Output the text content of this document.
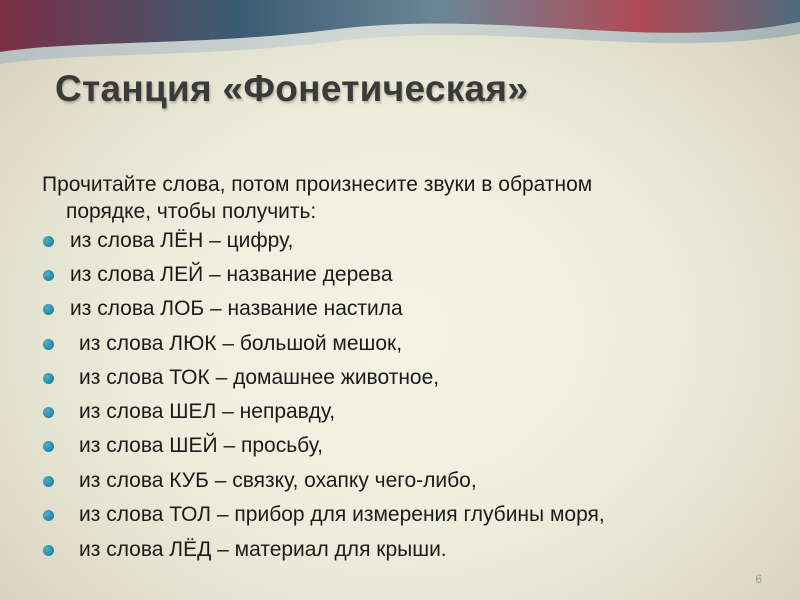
Станция «Фонетическая»
Прочитайте слова, потом произнесите звуки в обратном
порядке, чтобы получить:
из слова ЛЁН – цифру,
из слова ЛЕЙ – название дерева
из слова ЛОБ – название настила
из слова ЛЮК – большой мешок,
из слова ТОК – домашнее животное,
из слова ШЕЛ – неправду,
из слова ШЕЙ – просьбу,
из слова КУБ – связку, охапку чего-либо,
из слова ТОЛ – прибор для измерения глубины моря,
из слова ЛЁД – материал для крыши.
6
